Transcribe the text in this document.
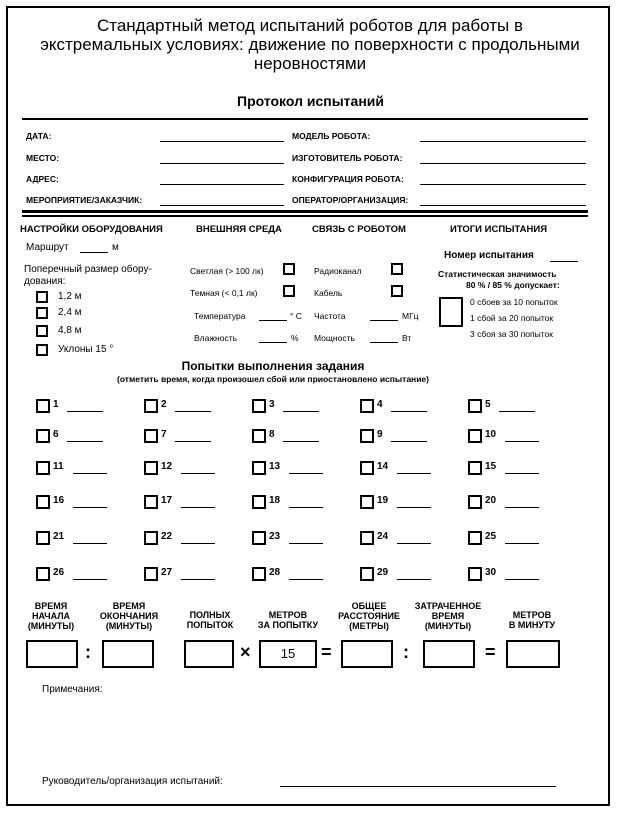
Стандартный метод испытаний роботов для работы в экстремальных условиях: движение по поверхности с продольными неровностями
Протокол испытаний
ДАТА:
МЕСТО:
АДРЕС:
МЕРОПРИЯТИЕ/ЗАКАЗЧИК:
МОДЕЛЬ РОБОТА:
ИЗГОТОВИТЕЛЬ РОБОТА:
КОНФИГУРАЦИЯ РОБОТА:
ОПЕРАТОР/ОРГАНИЗАЦИЯ:
НАСТРОЙКИ ОБОРУДОВАНИЯ	ВНЕШНЯЯ СРЕДА	СВЯЗЬ С РОБОТОМ	ИТОГИ ИСПЫТАНИЯ
Маршрут	м
Поперечный размер обору-
дования:
1,2 м
2,4 м
4,8 м
Уклоны 15 °
Светлая (> 100 лк)
Темная (< 0,1 лк)
Температура	° С
Влажность	%
Радиоканал
Кабель
Частота	МГц
Мощность	Вт
Номер испытания
Статистическая значимость
80 % / 85 % допускает:
0 сбоев за 10 попыток
1 сбой за 20 попыток
3 сбоя за 30 попыток
Попытки выполнения задания
(отметить время, когда произошел сбой или приостановлено испытание)
1	2	3	4	5
6	7	8	9	10
11	12	13	14	15
16	17	18	19	20
21	22	23	24	25
26	27	28	29	30
ВРЕМЯ
НАЧАЛА
(МИНУТЫ)
ВРЕМЯ
ОКОНЧАНИЯ
(МИНУТЫ)
ПОЛНЫХ
ПОПЫТОК
МЕТРОВ
ЗА ПОПЫТКУ
ОБЩЕЕ
РАССТОЯНИЕ
(МЕТРЫ)
ЗАТРАЧЕННОЕ
ВРЕМЯ
(МИНУТЫ)
МЕТРОВ
В МИНУТУ
:	×	15	=	:	=
Примечания:
Руководитель/организация испытаний:
